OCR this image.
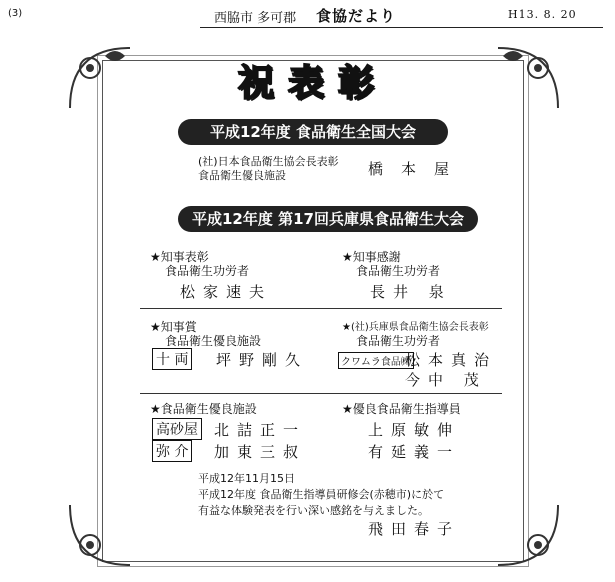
(3)	西脇市 多可郡 食協だより	H13. 8. 20
祝表彰
平成12年度 食品衛生全国大会
(社)日本食品衛生協会長表彰
食品衛生優良施設	橋本屋
平成12年度 第17回兵庫県食品衛生大会
★知事表彰
食品衛生功労者
松家速夫
★知事感謝
食品衛生功労者
長井 泉
★知事賞
食品衛生優良施設
十 両 坪野剛久
★(社)兵庫県食品衛生協会長表彰
食品衛生功労者
クワムラ食品㈱
松本真治
今中 茂
★食品衛生優良施設
高砂屋 北詰正一
弥 介 加東三叔
★優良食品衛生指導員
上原敏伸
有延義一
平成12年11月15日
平成12年度 食品衛生指導員研修会(赤穂市)に於て
有益な体験発表を行い深い感銘を与えました。
飛田春子
